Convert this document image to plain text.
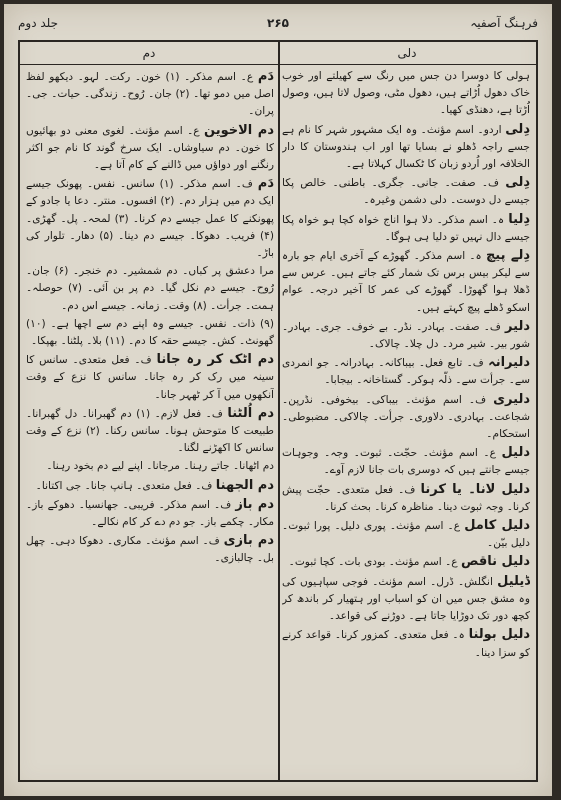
جلد دوم	۲۶۵	فرہنگ آصفیہ
دلی
دم

ہولی کا دوسرا دن جس میں رنگ سے کھیلتے اور خوب خاک دھول اُڑاتے ہیں، دھول مٹی، وصول لاتا ہیں، وصول اُڑتا ہے، دھنڈی کھیا۔

دِلی اردو۔ اسم مؤنث۔ وہ ایک مشہور شہر کا نام ہے جسے راجہ ڈھلو نے بسایا تھا اور اب ہندوستان کا دار الخلافہ اور اُردو زبان کا ٹکسال کہلاتا ہے۔

دِلی ف۔ صفت۔ جانی۔ جگری۔ باطنی۔ خالص پکا جیسے دل دوست۔ دلی دشمن وغیرہ۔

دِلیا ہ۔ اسم مذکر۔ دلا ہوا اناج خواہ کچا ہو خواہ پکا جیسے دال نہیں تو دلیا ہی ہوگا۔

دِلے پیچ ہ۔ اسم مذکر۔ گھوڑے کے آخری ایام جو بارہ سے لیکر بیس برس تک شمار کئے جاتے ہیں۔ عرس سے ڈھلا ہوا گھوڑا۔ گھوڑے کی عمر کا آخیر درجہ۔ عوام اسکو ڈھلے پیچ کہتے ہیں۔

دلیر ف۔ صفت۔ بہادر۔ نڈر۔ بے خوف۔ جری۔ بہادر۔ شور بیر۔ شیر مرد۔ دل چلا۔ چالاک۔

دلیرانہ ف۔ تابع فعل۔ بیباکانہ۔ بہادرانہ۔ جو انمردی سے۔ جرأت سے۔ ذلّہ ہوکر۔ گستاخانہ۔ بیجابا۔

دلیری ف۔ اسم مؤنث۔ بیباکی۔ بیخوفی۔ نڈرپن۔ شجاعت۔ بہادری۔ دلاوری۔ جرأت۔ چالاکی۔ مضبوطی۔ استحکام۔

دلیل ع۔ اسم مؤنث۔ حجّت۔ ثبوت۔ وجہ۔ وجوہات جیسے جانتے ہیں کہ دوسری بات جانا لازم آوے۔

دلیل لانا۔ یا کرنا ف۔ فعل متعدی۔ حجّت پیش کرنا۔ وجہ ثبوت دینا۔ مناظرہ کرنا۔ بحث کرنا۔

دلیل کامل ع۔ اسم مؤنث۔ پوری دلیل۔ پورا ثبوت۔ دلیل بیّن۔

دلیل ناقص ع۔ اسم مؤنث۔ بودی بات۔ کچا ثبوت۔

ڈیلیل انگلش۔ ڈرل۔ اسم مؤنث۔ فوجی سپاہیوں کی وہ مشق جس میں ان کو اسباب اور ہتھیار کر باندھ کر کچھ دور تک دوڑایا جاتا ہے۔ دوڑنے کی قواعد۔

دلیل بولنا ہ۔ فعل متعدی۔ کمزور کرنا۔ قواعد کرنے کو سزا دینا۔

دَم ع۔ اسم مذکر۔ (۱) خون۔ رکت۔ لہو۔ دیکھو لفظ اصل میں دمو تھا۔ (۲) جان۔ رُوح۔ زندگی۔ حیات۔ جی۔ پران۔

دم الاخوین ع۔ اسم مؤنث۔ لغوی معنی دو بھائیوں کا خون۔ دم سیاوشاں۔ ایک سرخ گوند کا نام جو اکثر رنگنے اور دواؤں میں ڈالنے کے کام آتا ہے۔

دَم ف۔ اسم مذکر۔ (۱) سانس۔ نفس۔ پھونک جیسے ایک دم میں ہزار دم۔ (۲) افسوں۔ منتر۔ دعا یا جادو کے پھونکنے کا عمل جیسے دم کرنا۔ (۳) لمحہ۔ پل۔ گھڑی۔ (۴) فریب۔ دھوکا۔ جیسے دم دینا۔ (۵) دھار۔ تلوار کی باڑ۔

مرا دعشق پر کباں۔ دم شمشیر۔ دم خنجر۔ (۶) جان۔ رُوح۔ جیسے دم نکل گیا۔ دم پر بن آئی۔ (۷) حوصلہ۔ ہمت۔ جرأت۔ (۸) وقت۔ زمانہ۔ جیسے اس دم۔

(۹) ذات۔ نفس۔ جیسے وہ اپنے دم سے اچھا ہے۔ (۱۰) گھونٹ۔ کش۔ جیسے حقہ کا دم۔ (۱۱) بلا۔ پلٹنا۔ بھپکا۔

دم اٹک کر رہ جانا ف۔ فعل متعدی۔ سانس کا سینہ میں رک کر رہ جانا۔ سانس کا نزع کے وقت آنکھوں میں آ کر ٹھہر جانا۔

دم اُلٹنا ف۔ فعل لازم۔ (۱) دم گھبرانا۔ دل گھبرانا۔ طبیعت کا متوحش ہونا۔ سانس رکنا۔ (۲) نزع کے وقت سانس کا اکھڑنے لگنا۔

دم اٹھانا۔ جاتے رہنا۔ مرجانا۔ اپنے لیے دم بخود رہنا۔

دم الجھنا ف۔ فعل متعدی۔ ہانپ جانا۔ جی اکتانا۔

دم باز ف۔ اسم مذکر۔ فریبی۔ جھانسیا۔ دھوکے باز۔ مکار۔ چکمے باز۔ جو دم دے کر کام نکالے۔

دم بازی ف۔ اسم مؤنث۔ مکاری۔ دھوکا دہی۔ چھل بل۔ چالبازی۔
